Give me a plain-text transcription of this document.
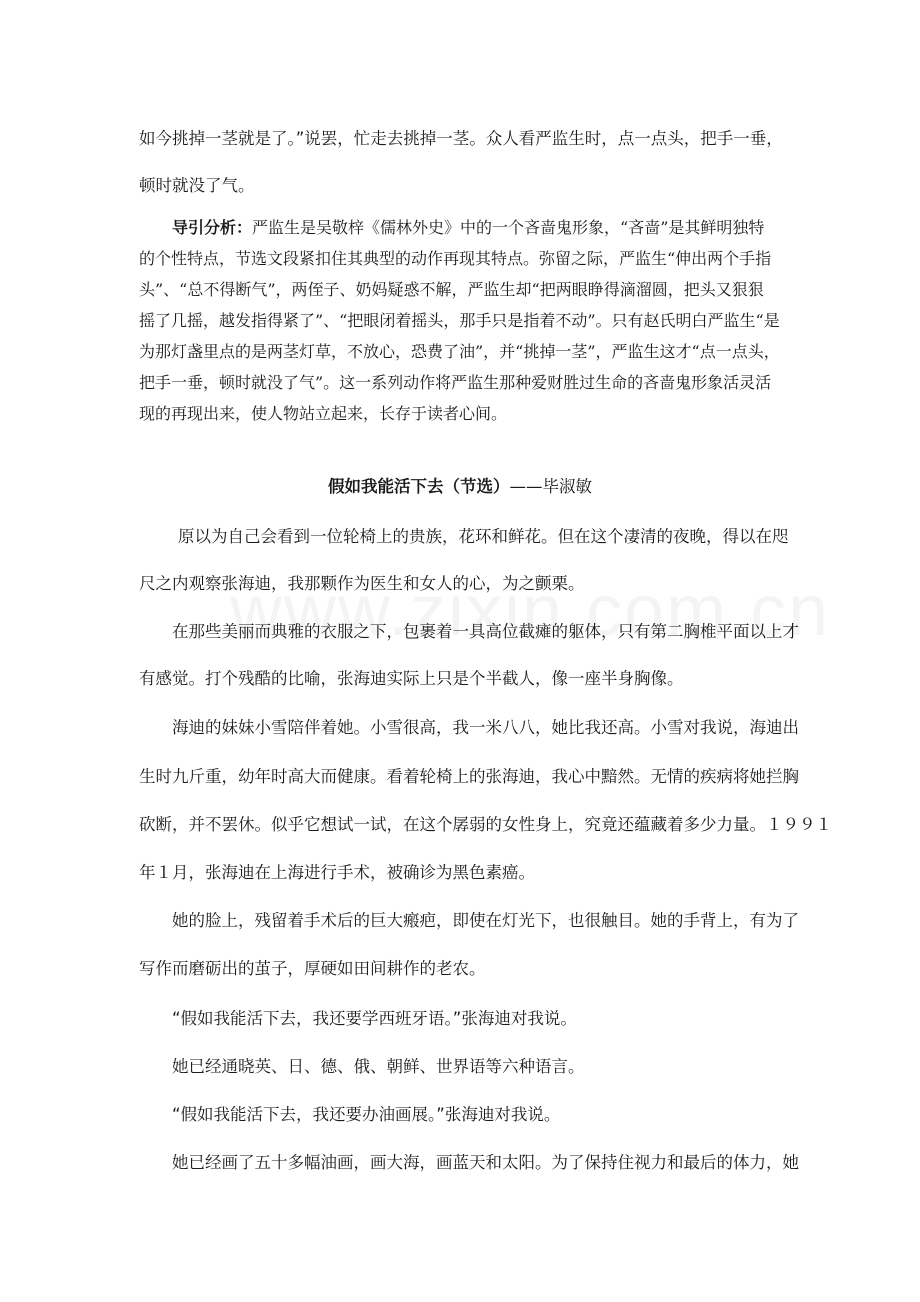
如今挑掉一茎就是了。”说罢，忙走去挑掉一茎。众人看严监生时，点一点头，把手一垂，
顿时就没了气。
导引分析：严监生是吴敬梓《儒林外史》中的一个吝啬鬼形象，“吝啬”是其鲜明独特
的个性特点，节选文段紧扣住其典型的动作再现其特点。弥留之际，严监生“伸出两个手指
头”、“总不得断气”，两侄子、奶妈疑惑不解，严监生却“把两眼睁得滴溜圆，把头又狠狠
摇了几摇，越发指得紧了”、“把眼闭着摇头，那手只是指着不动”。只有赵氏明白严监生“是
为那灯盏里点的是两茎灯草，不放心，恐费了油”，并“挑掉一茎”，严监生这才“点一点头，
把手一垂，顿时就没了气”。这一系列动作将严监生那种爱财胜过生命的吝啬鬼形象活灵活
现的再现出来，使人物站立起来，长存于读者心间。
假如我能活下去（节选）——毕淑敏
原以为自己会看到一位轮椅上的贵族，花环和鲜花。但在这个凄清的夜晚，得以在咫
尺之内观察张海迪，我那颗作为医生和女人的心，为之颤栗。
在那些美丽而典雅的衣服之下，包裹着一具高位截瘫的躯体，只有第二胸椎平面以上才
有感觉。打个残酷的比喻，张海迪实际上只是个半截人，像一座半身胸像。
海迪的妹妹小雪陪伴着她。小雪很高，我一米八八，她比我还高。小雪对我说，海迪出
生时九斤重，幼年时高大而健康。看着轮椅上的张海迪，我心中黯然。无情的疾病将她拦胸
砍断，并不罢休。似乎它想试一试，在这个孱弱的女性身上，究竟还蕴藏着多少力量。１９９１
年１月，张海迪在上海进行手术，被确诊为黑色素癌。
她的脸上，残留着手术后的巨大瘢疤，即使在灯光下，也很触目。她的手背上，有为了
写作而磨砺出的茧子，厚硬如田间耕作的老农。
“假如我能活下去，我还要学西班牙语。”张海迪对我说。
她已经通晓英、日、德、俄、朝鲜、世界语等六种语言。
“假如我能活下去，我还要办油画展。”张海迪对我说。
她已经画了五十多幅油画，画大海，画蓝天和太阳。为了保持住视力和最后的体力，她
